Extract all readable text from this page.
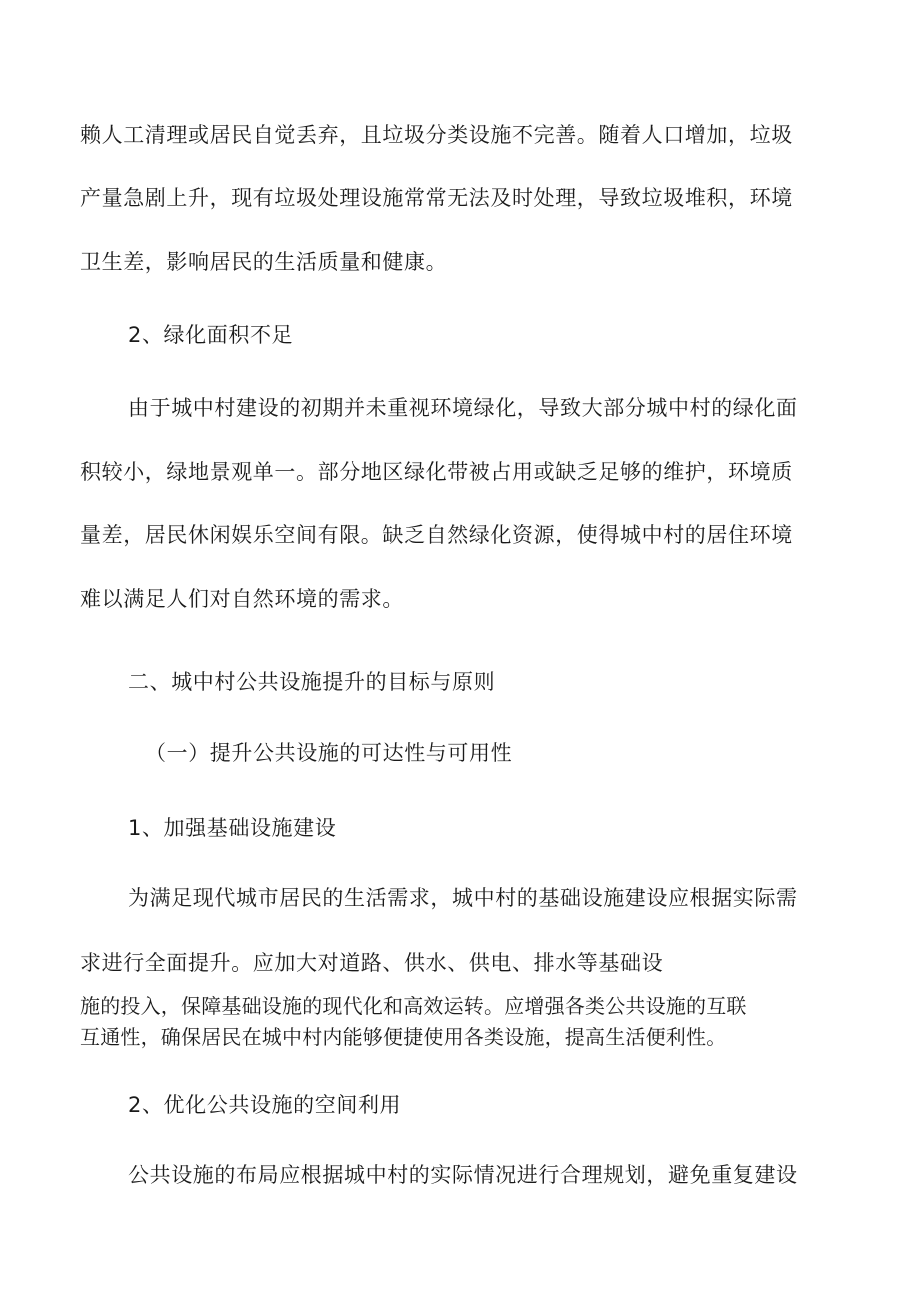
赖人工清理或居民自觉丢弃，且垃圾分类设施不完善。随着人口增加，垃圾
产量急剧上升，现有垃圾处理设施常常无法及时处理，导致垃圾堆积，环境
卫生差，影响居民的生活质量和健康。
2、绿化面积不足
由于城中村建设的初期并未重视环境绿化，导致大部分城中村的绿化面
积较小，绿地景观单一。部分地区绿化带被占用或缺乏足够的维护，环境质
量差，居民休闲娱乐空间有限。缺乏自然绿化资源，使得城中村的居住环境
难以满足人们对自然环境的需求。
二、城中村公共设施提升的目标与原则
（一）提升公共设施的可达性与可用性
1、加强基础设施建设
为满足现代城市居民的生活需求，城中村的基础设施建设应根据实际需
求进行全面提升。应加大对道路、供水、供电、排水等基础设
施的投入，保障基础设施的现代化和高效运转。应增强各类公共设施的互联
互通性，确保居民在城中村内能够便捷使用各类设施，提高生活便利性。
2、优化公共设施的空间利用
公共设施的布局应根据城中村的实际情况进行合理规划，避免重复建设
